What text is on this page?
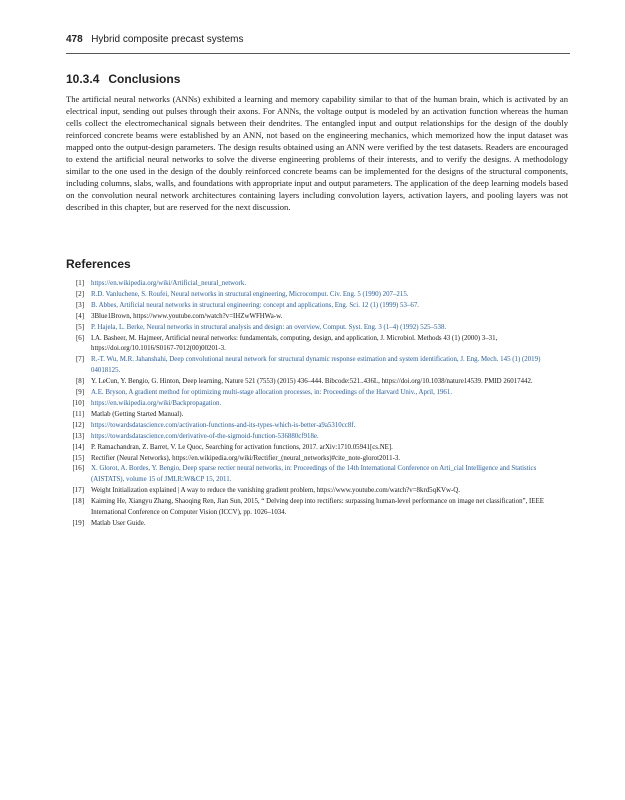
478 Hybrid composite precast systems
10.3.4 Conclusions

The artificial neural networks (ANNs) exhibited a learning and memory capability similar to that of the human brain, which is activated by an electrical input, sending out pulses through their axons. For ANNs, the voltage output is modeled by an activation function whereas the human cells collect the electromechanical signals between their dendrites. The entangled input and output relationships for the design of the doubly reinforced concrete beams were established by an ANN, not based on the engineering mechanics, which memorized how the input dataset was mapped onto the output-design parameters. The design results obtained using an ANN were verified by the test datasets. Readers are encouraged to extend the artificial neural networks to solve the diverse engineering problems of their interests, and to verify the designs. A methodology similar to the one used in the design of the doubly reinforced concrete beams can be implemented for the designs of the structural components, including columns, slabs, walls, and foundations with appropriate input and output parameters. The application of the deep learning models based on the convolution neural network architectures containing layers including convolution layers, activation layers, and pooling layers was not described in this chapter, but are reserved for the next discussion.

References
[1] https://en.wikipedia.org/wiki/Artificial_neural_network.
[2] R.D. Vanluchene, S. Roufei, Neural networks in structural engineering, Microcomput. Civ. Eng. 5 (1990) 207–215.
[3] B. Abbes, Artificial neural networks in structural engineering: concept and applications, Eng. Sci. 12 (1) (1999) 53–67.
[4] 3Blue1Brown, https://www.youtube.com/watch?v=IHZwWFHWa-w.
[5] P. Hajela, L. Berke, Neural networks in structural analysis and design: an overview, Comput. Syst. Eng. 3 (1–4) (1992) 525–538.
[6] I.A. Basheer, M. Hajmeer, Artificial neural networks: fundamentals, computing, design, and application, J. Microbiol. Methods 43 (1) (2000) 3–31, https://doi.org/10.1016/S0167-7012(00)00201-3.
[7] R.-T. Wu, M.R. Jahanshahi, Deep convolutional neural network for structural dynamic response estimation and system identification, J. Eng. Mech. 145 (1) (2019) 04018125.
[8] Y. LeCun, Y. Bengio, G. Hinton, Deep learning, Nature 521 (7553) (2015) 436–444. Bibcode:521..436L, https://doi.org/10.1038/nature14539. PMID 26017442.
[9] A.E. Bryson, A gradient method for optimizing multi-stage allocation processes, in: Proceedings of the Harvard Univ., April, 1961.
[10] https://en.wikipedia.org/wiki/Backpropagation.
[11] Matlab (Getting Started Manual).
[12] https://towardsdatascience.com/activation-functions-and-its-types-which-is-better-a9a5310cc8f.
[13] https://towardsdatascience.com/derivative-of-the-sigmoid-function-536880cf918e.
[14] P. Ramachandran, Z. Barret, V. Le Quoc, Searching for activation functions, 2017. arXiv:1710.05941[cs.NE].
[15] Rectifier (Neural Networks), https://en.wikipedia.org/wiki/Rectifier_(neural_networks)#cite_note-glorot2011-3.
[16] X. Glorot, A. Bordes, Y. Bengio, Deep sparse rectier neural networks, in: Proceedings of the 14th International Conference on Arti_cial Intelligence and Statistics (AISTATS), volume 15 of JMLR:W&CP 15, 2011.
[17] Weight Initialization explained | A way to reduce the vanishing gradient problem, https://www.youtube.com/watch?v=8krd5qKVw-Q.
[18] Kaiming He, Xiangyu Zhang, Shaoqing Ren, Jian Sun, 2015, “ Delving deep into rectifiers: surpassing human-level performance on image net classification”, IEEE International Conference on Computer Vision (ICCV), pp. 1026–1034.
[19] Matlab User Guide.
